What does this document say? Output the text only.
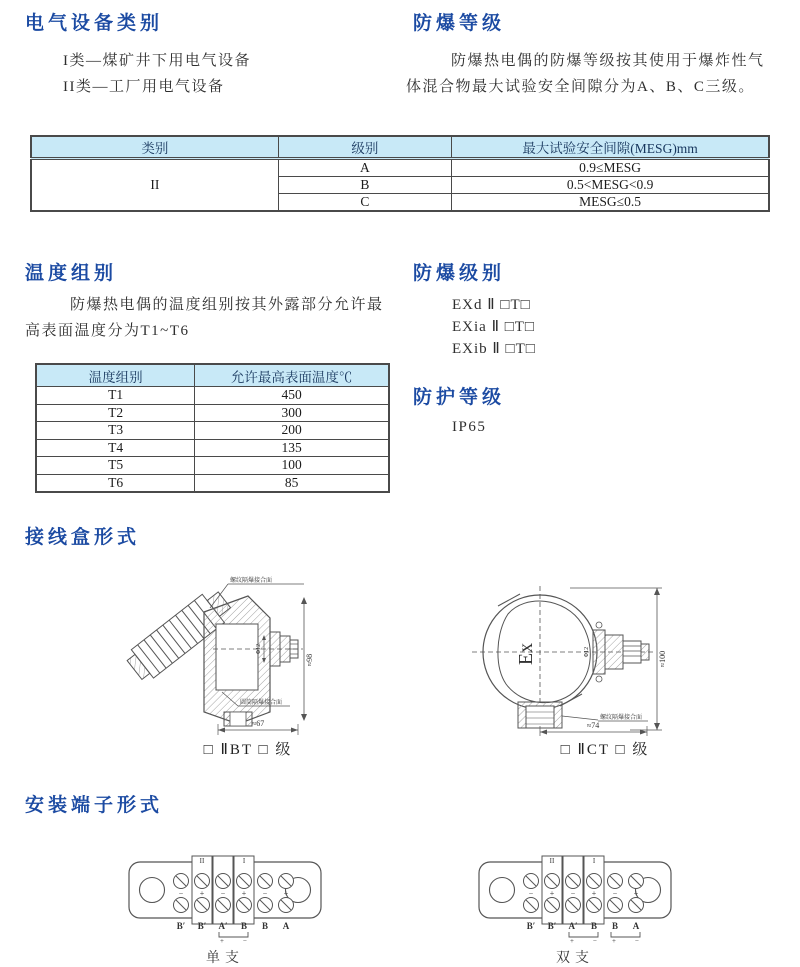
电气设备类别
I类—煤矿井下用电气设备
II类—工厂用电气设备
防爆等级
防爆热电偶的防爆等级按其使用于爆炸性气体混合物最大试验安全间隙分为A、B、C三级。
类别	级别	最大试验安全间隙(MESG)mm
II	A	0.9≤MESG
	B	0.5<MESG<0.9
	C	MESG≤0.5
温度组别
防爆热电偶的温度组别按其外露部分允许最高表面温度分为T1~T6
温度组别	允许最高表面温度℃
T1	450
T2	300
T3	200
T4	135
T5	100
T6	85
防爆级别
EXd Ⅱ □T□
EXia Ⅱ □T□
EXib Ⅱ □T□
防护等级
IP65
接线盒形式
Φ12
螺纹隔爆接合面
圆筒隔爆接合面
≈98
≈67
□ ⅡBT □ 级
Ex	Φ12
螺纹隔爆接合面
≈74
≈100
□ ⅡCT □ 级
安装端子形式
II	I
− + − + − +
B′ B′ A′ B B A
+	−
单支
II	I
− + − + − +
B′ B′ A′ B B A
+	− +	−
双支
